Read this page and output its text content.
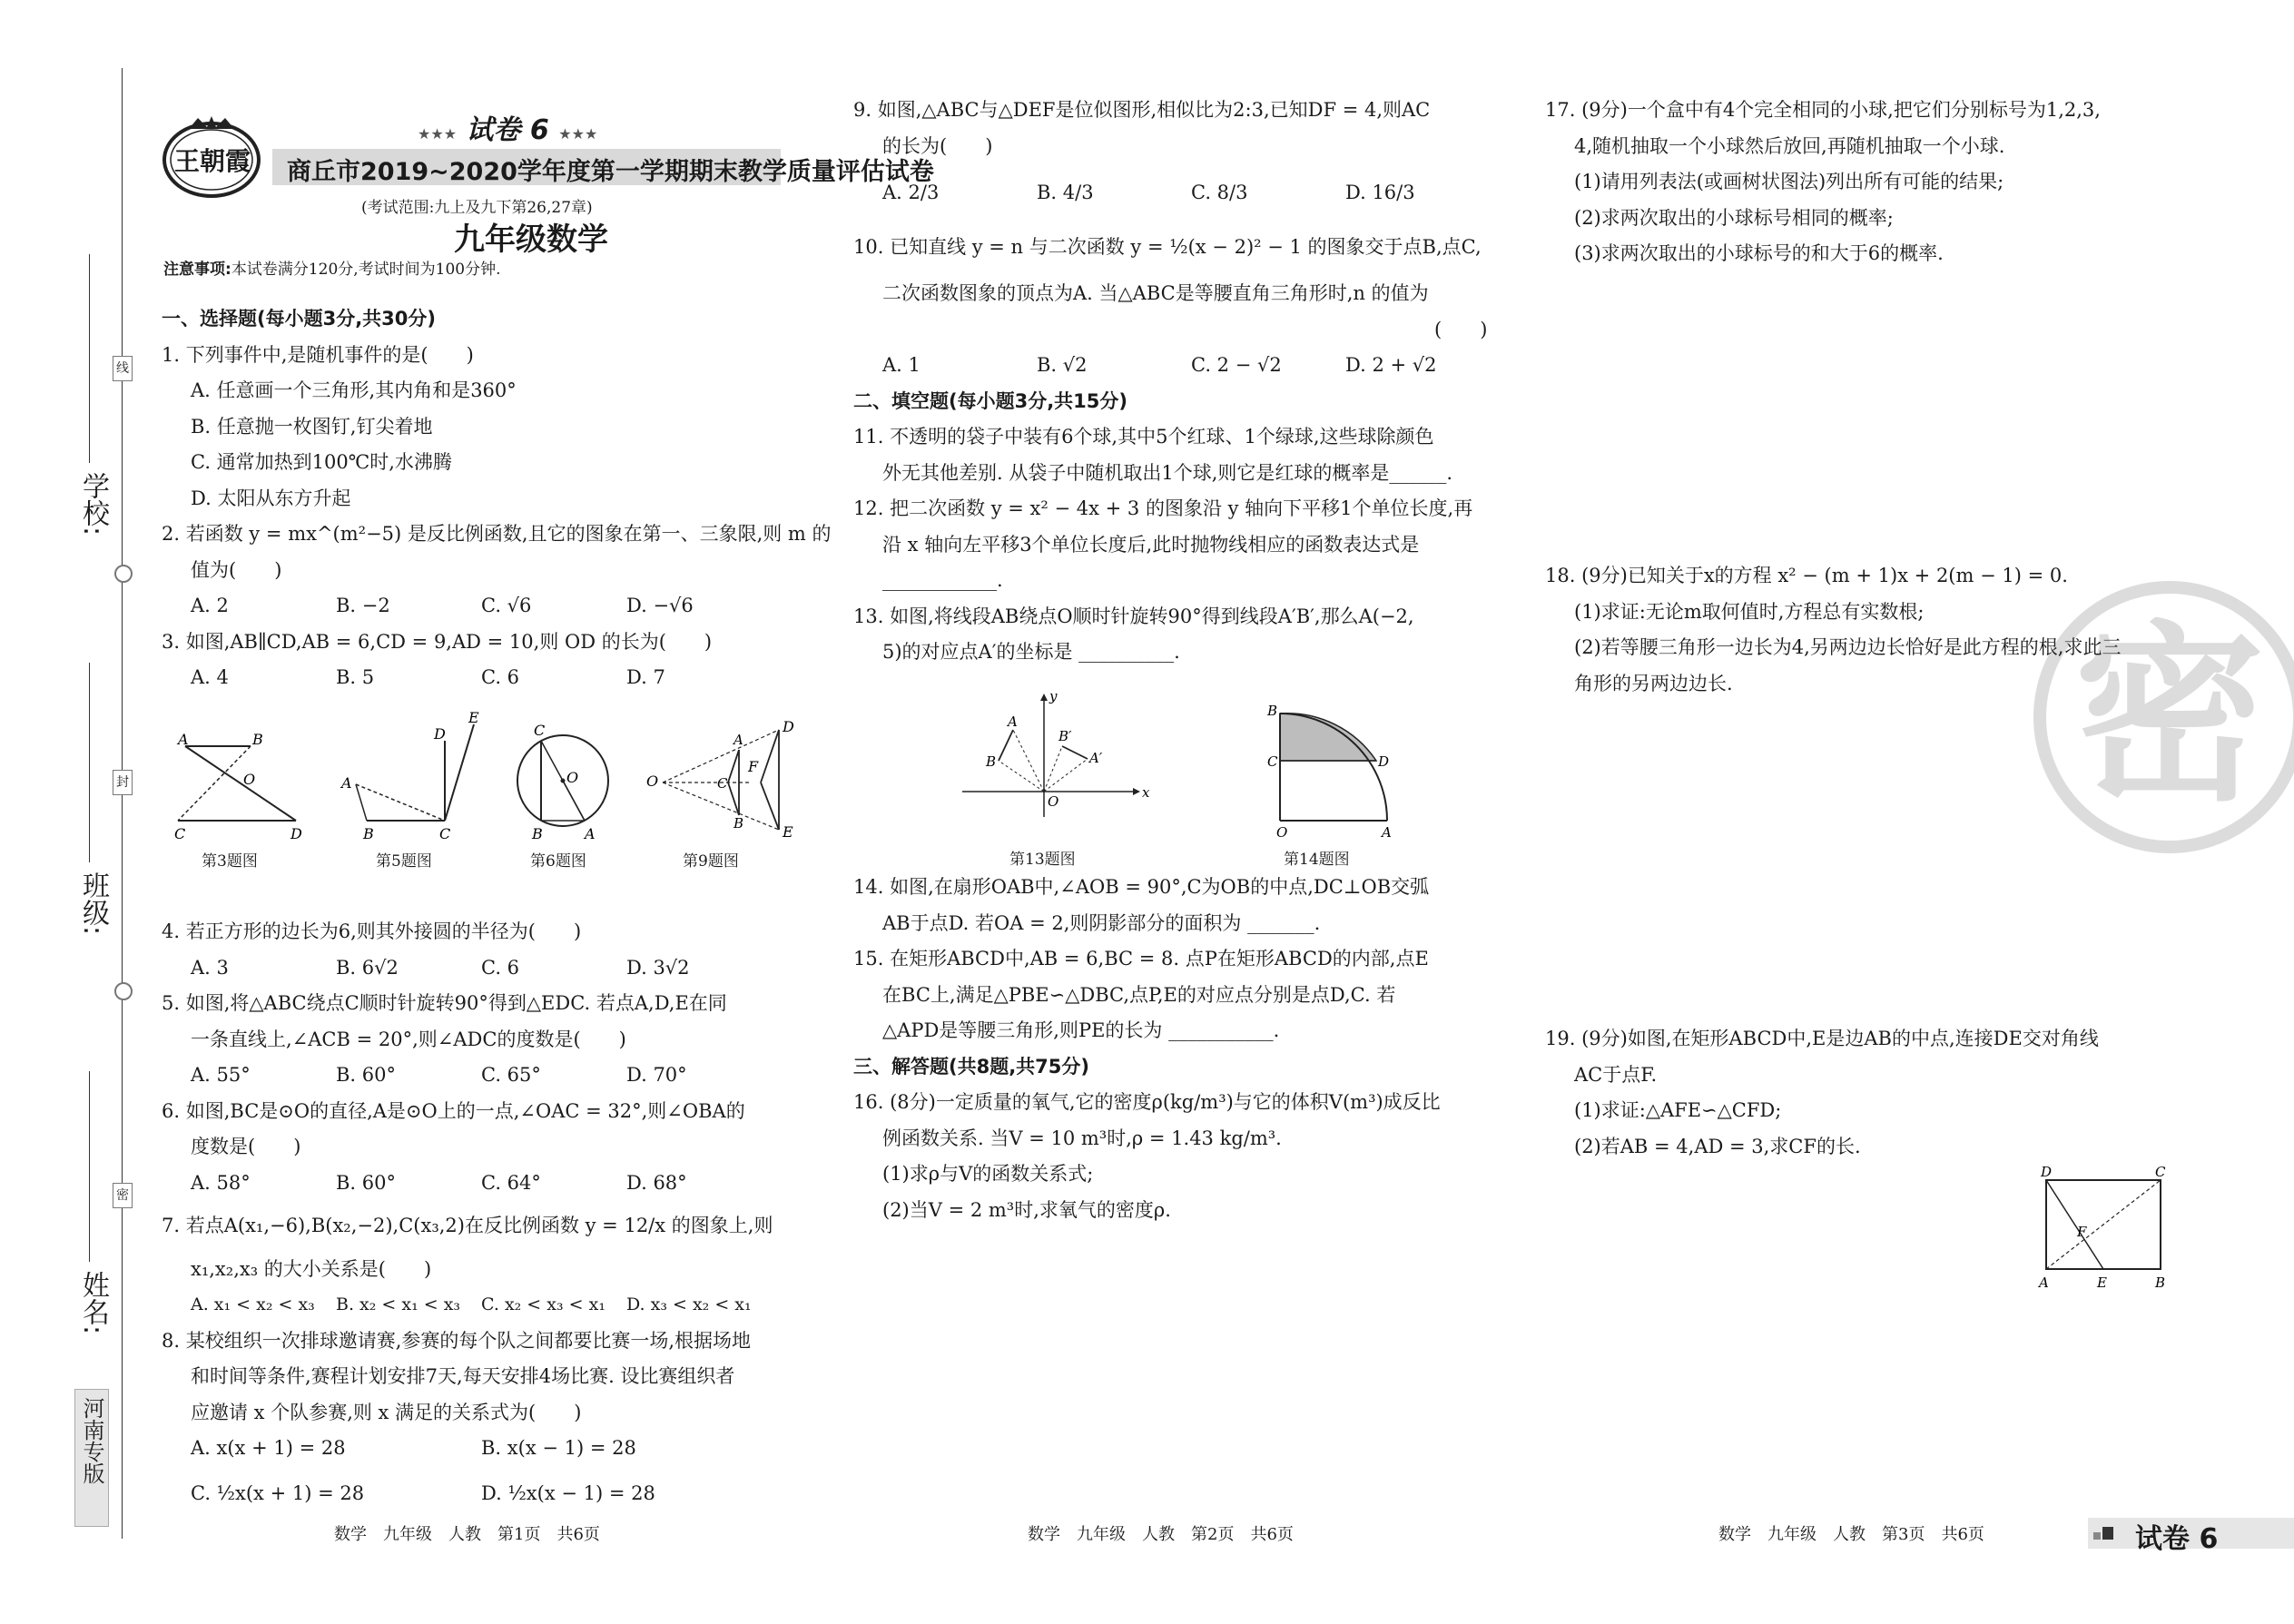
学校:
班级:
姓名:
线
封
密
河南专版
王朝霞
★★★ 试卷 6 ★★★
商丘市2019~2020学年度第一学期期末教学质量评估试卷
(考试范围:九上及九下第26,27章)
九年级数学
注意事项:本试卷满分120分,考试时间为100分钟.

一、选择题(每小题3分,共30分)

1. 下列事件中,是随机事件的是(　　)

A. 任意画一个三角形,其内角和是360°

B. 任意抛一枚图钉,钉尖着地

C. 通常加热到100℃时,水沸腾

D. 太阳从东方升起

2. 若函数 y = mx^(m²−5) 是反比例函数,且它的图象在第一、三象限,则 m 的

值为(　　)

A. 2	B. −2	C. √6	D. −√6

3. 如图,AB∥CD,AB = 6,CD = 9,AD = 10,则 OD 的长为(　　)

A. 4	B. 5	C. 6	D. 7

A	B
C	D
O
第3题图
A
B	C
D
E
第5题图
C
O
B	A
第6题图
O
A
C
B
D
F
E
第9题图

4. 若正方形的边长为6,则其外接圆的半径为(　　)

A. 3	B. 6√2	C. 6	D. 3√2

5. 如图,将△ABC绕点C顺时针旋转90°得到△EDC. 若点A,D,E在同

一条直线上,∠ACB = 20°,则∠ADC的度数是(　　)

A. 55°	B. 60°	C. 65°	D. 70°

6. 如图,BC是⊙O的直径,A是⊙O上的一点,∠OAC = 32°,则∠OBA的

度数是(　　)

A. 58°	B. 60°	C. 64°	D. 68°

7. 若点A(x₁,−6),B(x₂,−2),C(x₃,2)在反比例函数 y = 12/x 的图象上,则

x₁,x₂,x₃ 的大小关系是(　　)

A. x₁ < x₂ < x₃ B. x₂ < x₁ < x₃ C. x₂ < x₃ < x₁ D. x₃ < x₂ < x₁

8. 某校组织一次排球邀请赛,参赛的每个队之间都要比赛一场,根据场地

和时间等条件,赛程计划安排7天,每天安排4场比赛. 设比赛组织者

应邀请 x 个队参赛,则 x 满足的关系式为(　　)

A. x(x + 1) = 28	B. x(x − 1) = 28

C. ½x(x + 1) = 28	D. ½x(x − 1) = 28

9. 如图,△ABC与△DEF是位似图形,相似比为2:3,已知DF = 4,则AC

的长为(　　)

A. 2/3	B. 4/3	C. 8/3	D. 16/3

10. 已知直线 y = n 与二次函数 y = ½(x − 2)² − 1 的图象交于点B,点C,

二次函数图象的顶点为A. 当△ABC是等腰直角三角形时,n 的值为

(　　)

A. 1	B. √2	C. 2 − √2	D. 2 + √2

二、填空题(每小题3分,共15分)

11. 不透明的袋子中装有6个球,其中5个红球、1个绿球,这些球除颜色

外无其他差别. 从袋子中随机取出1个球,则它是红球的概率是______.

12. 把二次函数 y = x² − 4x + 3 的图象沿 y 轴向下平移1个单位长度,再

沿 x 轴向左平移3个单位长度后,此时抛物线相应的函数表达式是

____________.

13. 如图,将线段AB绕点O顺时针旋转90°得到线段A′B′,那么A(−2,

5)的对应点A′的坐标是 __________.

A
B
B′
A′
O
x
y
第13题图
B
C	D
O	A
第14题图

14. 如图,在扇形OAB中,∠AOB = 90°,C为OB的中点,DC⊥OB交弧

AB于点D. 若OA = 2,则阴影部分的面积为 _______.

15. 在矩形ABCD中,AB = 6,BC = 8. 点P在矩形ABCD的内部,点E

在BC上,满足△PBE∽△DBC,点P,E的对应点分别是点D,C. 若

△APD是等腰三角形,则PE的长为 ___________.

三、解答题(共8题,共75分)

16. (8分)一定质量的氧气,它的密度ρ(kg/m³)与它的体积V(m³)成反比

例函数关系. 当V = 10 m³时,ρ = 1.43 kg/m³.

(1)求ρ与V的函数关系式;

(2)当V = 2 m³时,求氧气的密度ρ.

密

17. (9分)一个盒中有4个完全相同的小球,把它们分别标号为1,2,3,

4,随机抽取一个小球然后放回,再随机抽取一个小球.

(1)请用列表法(或画树状图法)列出所有可能的结果;

(2)求两次取出的小球标号相同的概率;

(3)求两次取出的小球标号的和大于6的概率.

18. (9分)已知关于x的方程 x² − (m + 1)x + 2(m − 1) = 0.

(1)求证:无论m取何值时,方程总有实数根;

(2)若等腰三角形一边长为4,另两边边长恰好是此方程的根,求此三

角形的另两边边长.

19. (9分)如图,在矩形ABCD中,E是边AB的中点,连接DE交对角线

AC于点F.

(1)求证:△AFE∽△CFD;

(2)若AB = 4,AD = 3,求CF的长.

D	C
F
A	E	B
数学　九年级　人教　第1页　共6页	数学　九年级　人教　第2页　共6页	数学　九年级　人教　第3页　共6页	试卷 6
